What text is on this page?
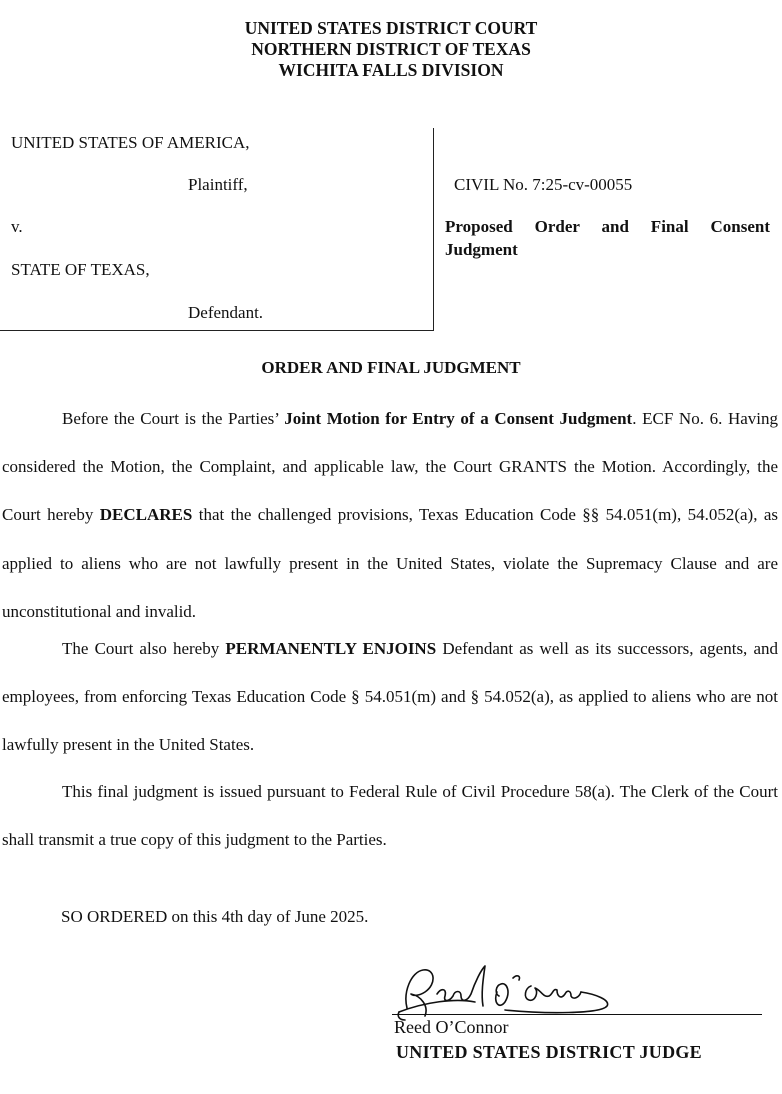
UNITED STATES DISTRICT COURT
NORTHERN DISTRICT OF TEXAS
WICHITA FALLS DIVISION
UNITED STATES OF AMERICA,
Plaintiff,
v.
STATE OF TEXAS,
Defendant.
CIVIL No. 7:25-cv-00055
Proposed Order and Final Consent
Judgment
ORDER AND FINAL JUDGMENT

Before the Court is the Parties’ Joint Motion for Entry of a Consent Judgment. ECF No. 6. Having considered the Motion, the Complaint, and applicable law, the Court GRANTS the Motion. Accordingly, the Court hereby DECLARES that the challenged provisions, Texas Education Code §§ 54.051(m), 54.052(a), as applied to aliens who are not lawfully present in the United States, violate the Supremacy Clause and are unconstitutional and invalid.

The Court also hereby PERMANENTLY ENJOINS Defendant as well as its successors, agents, and employees, from enforcing Texas Education Code § 54.051(m) and § 54.052(a), as applied to aliens who are not lawfully present in the United States.

This final judgment is issued pursuant to Federal Rule of Civil Procedure 58(a). The Clerk of the Court shall transmit a true copy of this judgment to the Parties.

SO ORDERED on this 4th day of June 2025.
Reed O’Connor
UNITED STATES DISTRICT JUDGE
